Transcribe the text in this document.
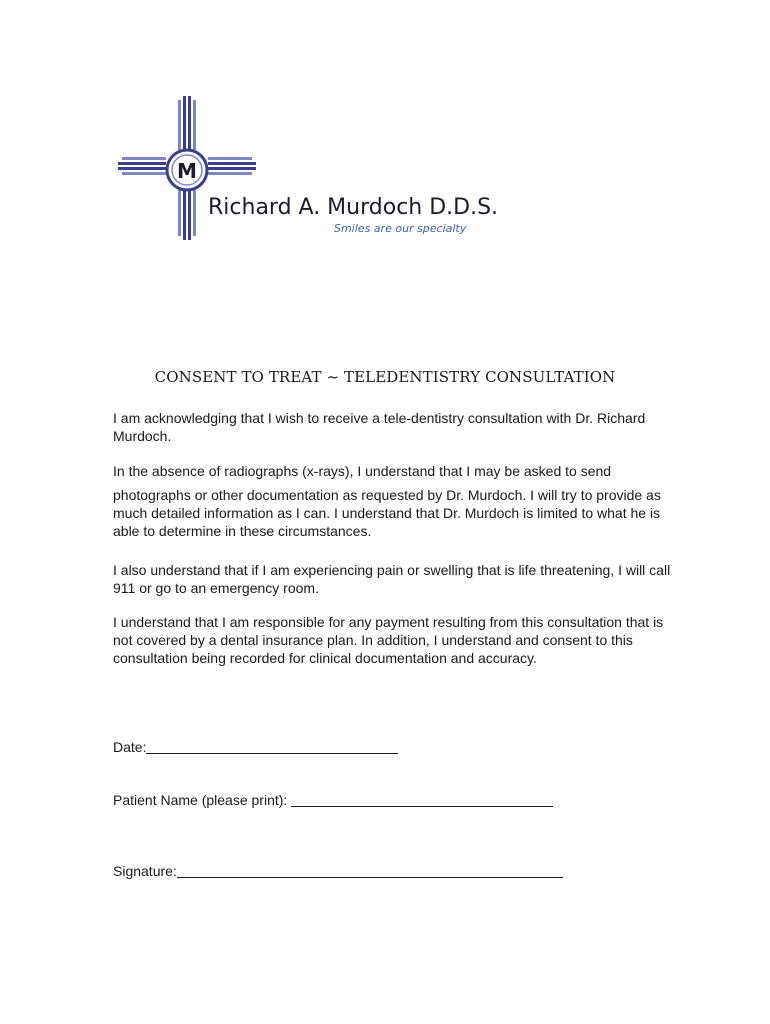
M
Richard A. Murdoch D.D.S.
Smiles are our specialty
CONSENT TO TREAT ~ TELEDENTISTRY CONSULTATION
I am acknowledging that I wish to receive a tele-dentistry consultation with Dr. Richard Murdoch.
In the absence of radiographs (x-rays), I understand that I may be asked to send
photographs or other documentation as requested by Dr. Murdoch. I will try to provide as much detailed information as I can. I understand that Dr. Murdoch is limited to what he is able to determine in these circumstances.
I also understand that if I am experiencing pain or swelling that is life threatening, I will call 911 or go to an emergency room.
I understand that I am responsible for any payment resulting from this consultation that is not covered by a dental insurance plan. In addition, I understand and consent to this consultation being recorded for clinical documentation and accuracy.
Date:
Patient Name (please print):
Signature:
